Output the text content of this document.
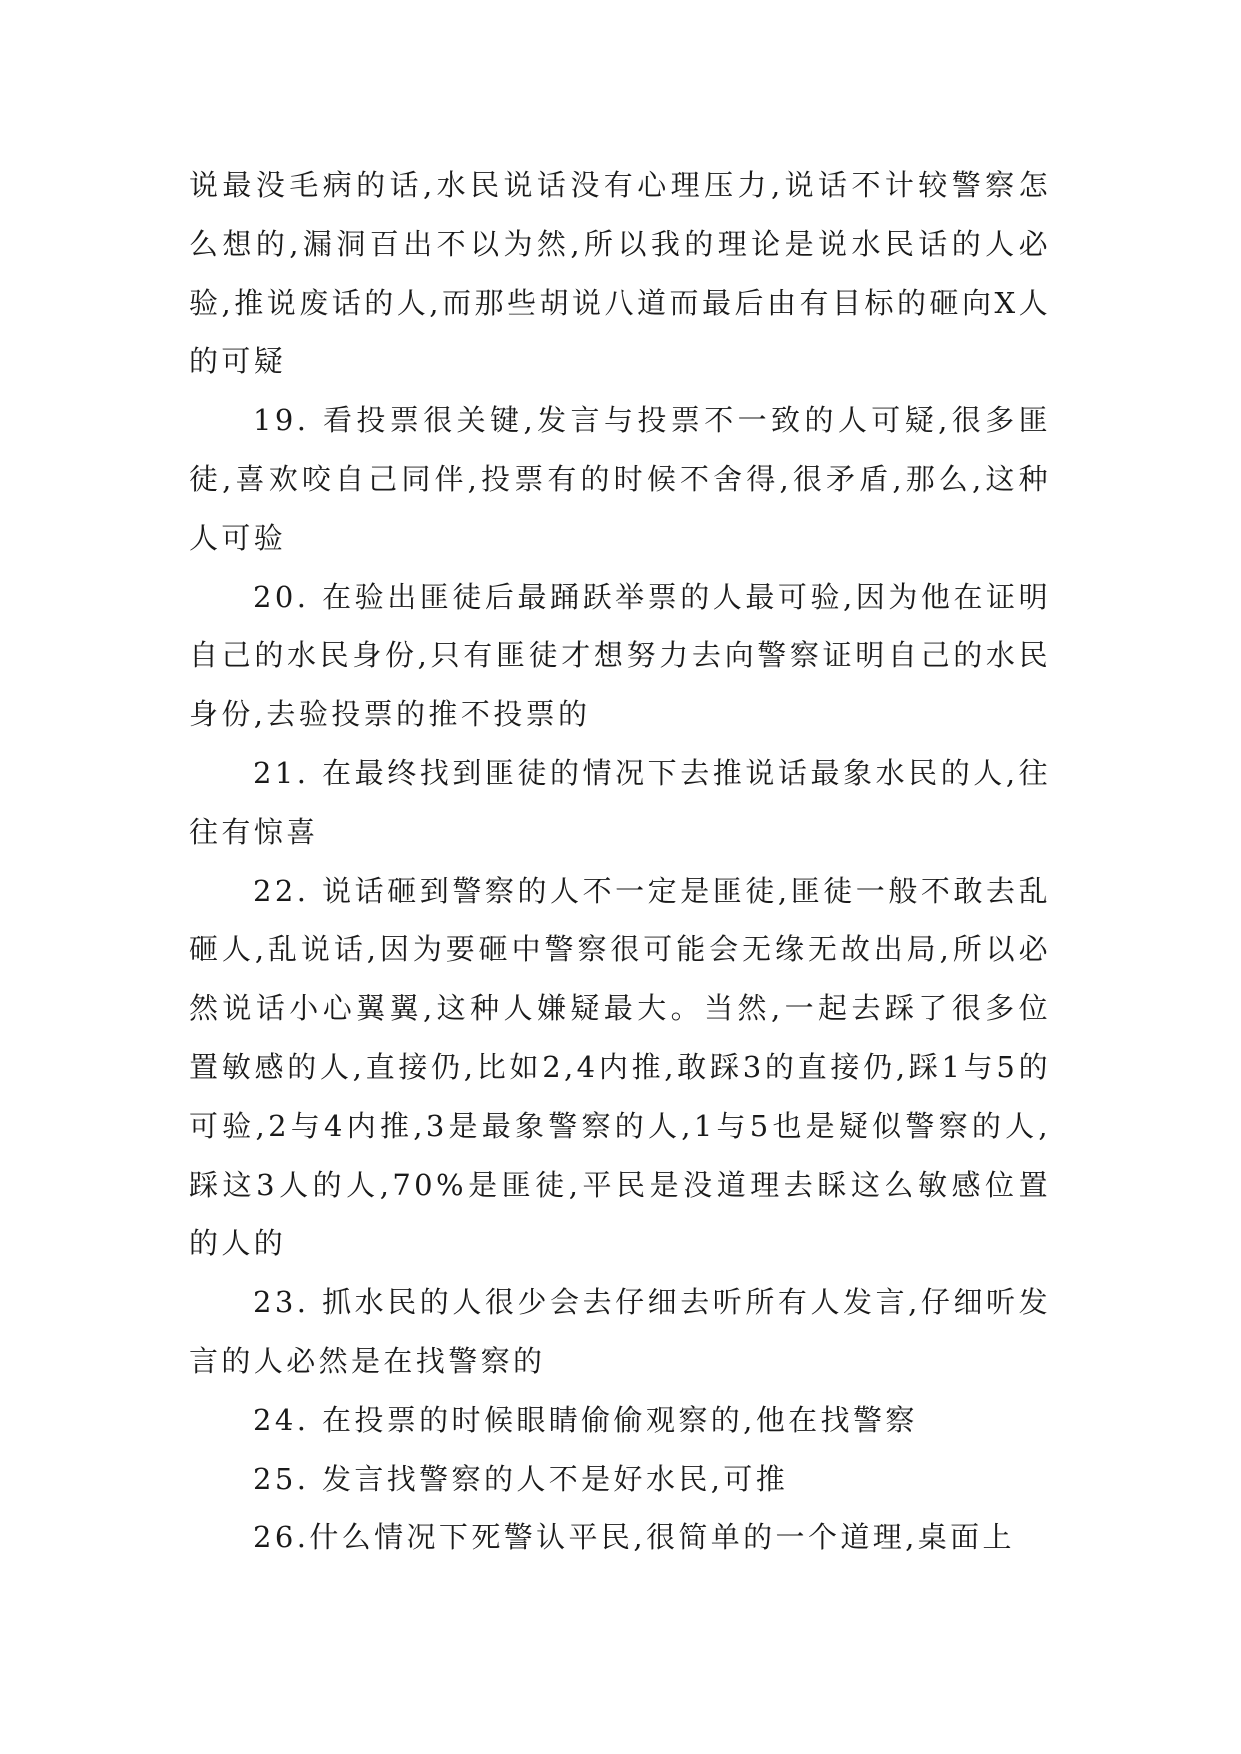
说最没毛病的话,水民说话没有心理压力,说话不计较警察怎么想的,漏洞百出不以为然,所以我的理论是说水民话的人必验,推说废话的人,而那些胡说八道而最后由有目标的砸向X人的可疑

19. 看投票很关键,发言与投票不一致的人可疑,很多匪徒,喜欢咬自己同伴,投票有的时候不舍得,很矛盾,那么,这种人可验

20. 在验出匪徒后最踊跃举票的人最可验,因为他在证明自己的水民身份,只有匪徒才想努力去向警察证明自己的水民身份,去验投票的推不投票的

21. 在最终找到匪徒的情况下去推说话最象水民的人,往往有惊喜

22. 说话砸到警察的人不一定是匪徒,匪徒一般不敢去乱砸人,乱说话,因为要砸中警察很可能会无缘无故出局,所以必然说话小心翼翼,这种人嫌疑最大。当然,一起去踩了很多位置敏感的人,直接仍,比如2,4内推,敢踩3的直接仍,踩1与5的可验,2与4内推,3是最象警察的人,1与5也是疑似警察的人,踩这3人的人,70%是匪徒,平民是没道理去睬这么敏感位置的人的

23. 抓水民的人很少会去仔细去听所有人发言,仔细听发言的人必然是在找警察的

24. 在投票的时候眼睛偷偷观察的,他在找警察

25. 发言找警察的人不是好水民,可推

26.什么情况下死警认平民,很简单的一个道理,桌面上
